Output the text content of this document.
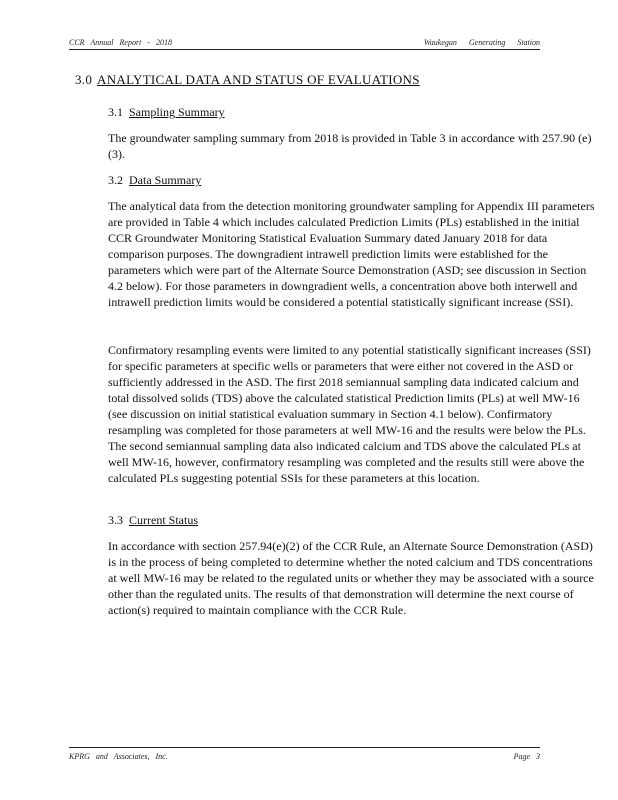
CCR Annual Report - 2018	Waukegan Generating Station
3.0 ANALYTICAL DATA AND STATUS OF EVALUATIONS
3.1 Sampling Summary

The groundwater sampling summary from 2018 is provided in Table 3 in accordance with 257.90 (e)(3).

3.2 Data Summary

The analytical data from the detection monitoring groundwater sampling for Appendix III parameters are provided in Table 4 which includes calculated Prediction Limits (PLs) established in the initial CCR Groundwater Monitoring Statistical Evaluation Summary dated January 2018 for data comparison purposes. The downgradient intrawell prediction limits were established for the parameters which were part of the Alternate Source Demonstration (ASD; see discussion in Section 4.2 below). For those parameters in downgradient wells, a concentration above both interwell and intrawell prediction limits would be considered a potential statistically significant increase (SSI).

Confirmatory resampling events were limited to any potential statistically significant increases (SSI) for specific parameters at specific wells or parameters that were either not covered in the ASD or sufficiently addressed in the ASD. The first 2018 semiannual sampling data indicated calcium and total dissolved solids (TDS) above the calculated statistical Prediction limits (PLs) at well MW-16 (see discussion on initial statistical evaluation summary in Section 4.1 below). Confirmatory resampling was completed for those parameters at well MW-16 and the results were below the PLs. The second semiannual sampling data also indicated calcium and TDS above the calculated PLs at well MW-16, however, confirmatory resampling was completed and the results still were above the calculated PLs suggesting potential SSIs for these parameters at this location.

3.3 Current Status

In accordance with section 257.94(e)(2) of the CCR Rule, an Alternate Source Demonstration (ASD) is in the process of being completed to determine whether the noted calcium and TDS concentrations at well MW-16 may be related to the regulated units or whether they may be associated with a source other than the regulated units. The results of that demonstration will determine the next course of action(s) required to maintain compliance with the CCR Rule.

KPRG and Associates, Inc.	Page 3
